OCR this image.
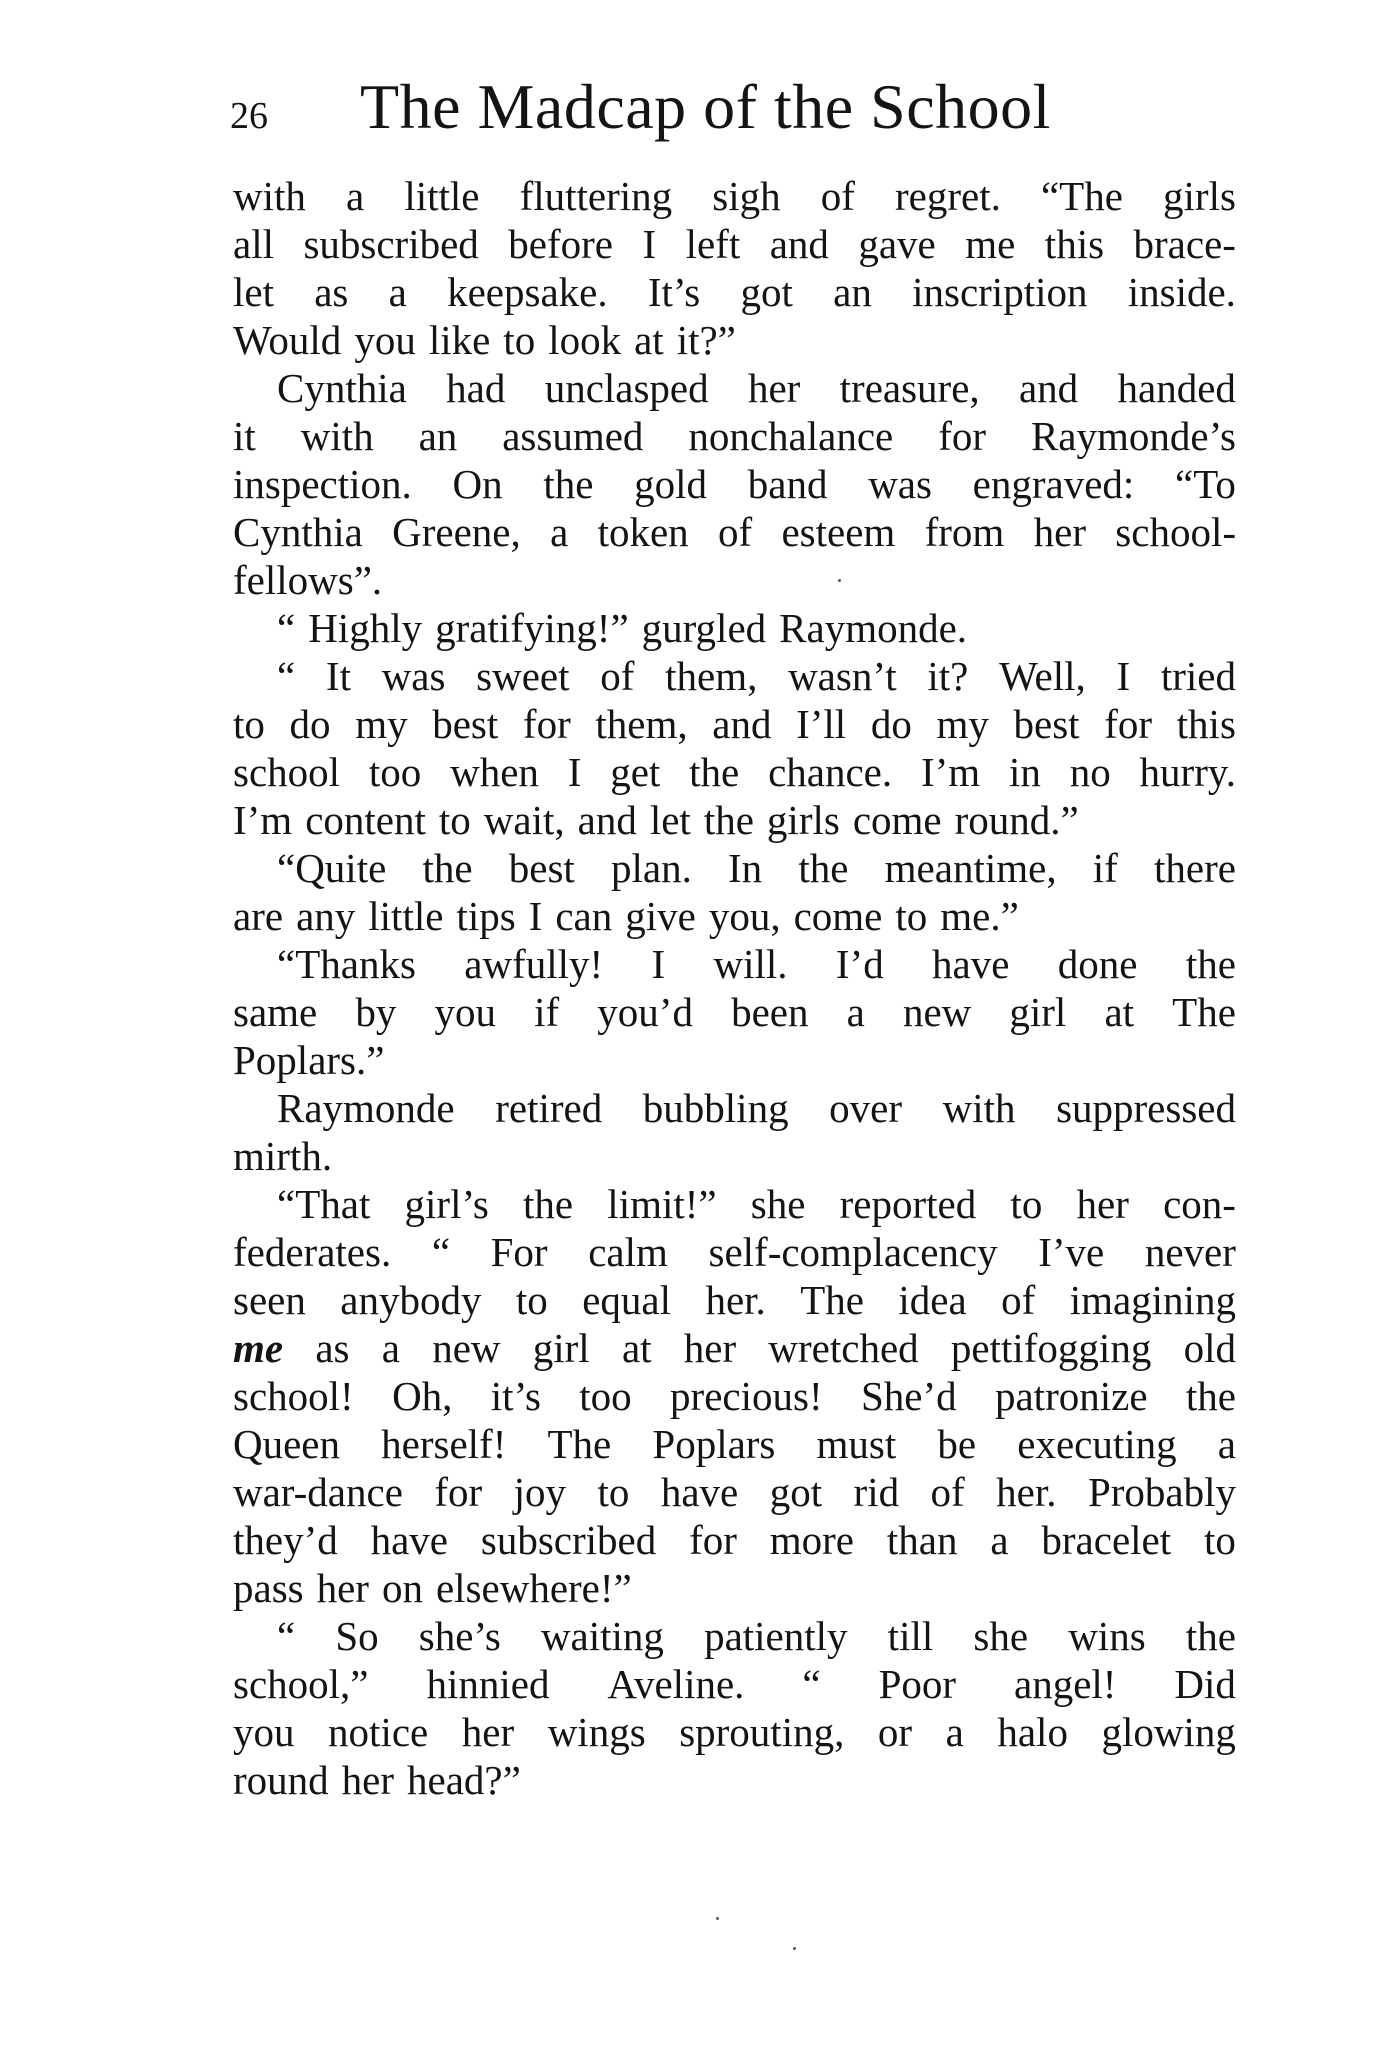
26 The Madcap of the School
with a little fluttering sigh of regret. “The girls
all subscribed before I left and gave me this brace-
let as a keepsake. It’s got an inscription inside.
Would you like to look at it?”
Cynthia had unclasped her treasure, and handed
it with an assumed nonchalance for Raymonde’s
inspection. On the gold band was engraved: “To
Cynthia Greene, a token of esteem from her school-
fellows”.
“ Highly gratifying!” gurgled Raymonde.
“ It was sweet of them, wasn’t it? Well, I tried
to do my best for them, and I’ll do my best for this
school too when I get the chance. I’m in no hurry.
I’m content to wait, and let the girls come round.”
“Quite the best plan. In the meantime, if there
are any little tips I can give you, come to me.”
“Thanks awfully! I will. I’d have done the
same by you if you’d been a new girl at The
Poplars.”
Raymonde retired bubbling over with suppressed
mirth.
“That girl’s the limit!” she reported to her con-
federates. “ For calm self-complacency I’ve never
seen anybody to equal her. The idea of imagining
me as a new girl at her wretched pettifogging old
school! Oh, it’s too precious! She’d patronize the
Queen herself! The Poplars must be executing a
war-dance for joy to have got rid of her. Probably
they’d have subscribed for more than a bracelet to
pass her on elsewhere!”
“ So she’s waiting patiently till she wins the
school,” hinnied Aveline. “ Poor angel! Did
you notice her wings sprouting, or a halo glowing
round her head?”
